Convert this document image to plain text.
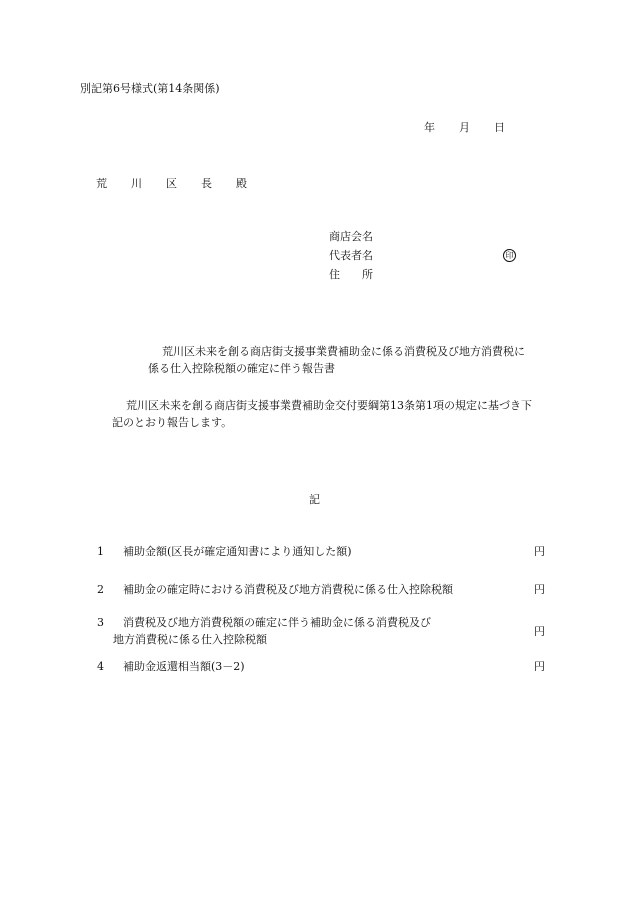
別記第6号様式(第14条関係)
年 月 日
荒 川 区 長 殿
商店会名
代表者名	印
住　　所
荒川区未来を創る商店街支援事業費補助金に係る消費税及び地方消費税に
係る仕入控除税額の確定に伴う報告書
荒川区未来を創る商店街支援事業費補助金交付要綱第13条第1項の規定に基づき下
記のとおり報告します。
記
1 補助金額(区長が確定通知書により通知した額)	円
2 補助金の確定時における消費税及び地方消費税に係る仕入控除税額	円
3 消費税及び地方消費税額の確定に伴う補助金に係る消費税及び
地方消費税に係る仕入控除税額
円
4 補助金返還相当額(3－2)	円
